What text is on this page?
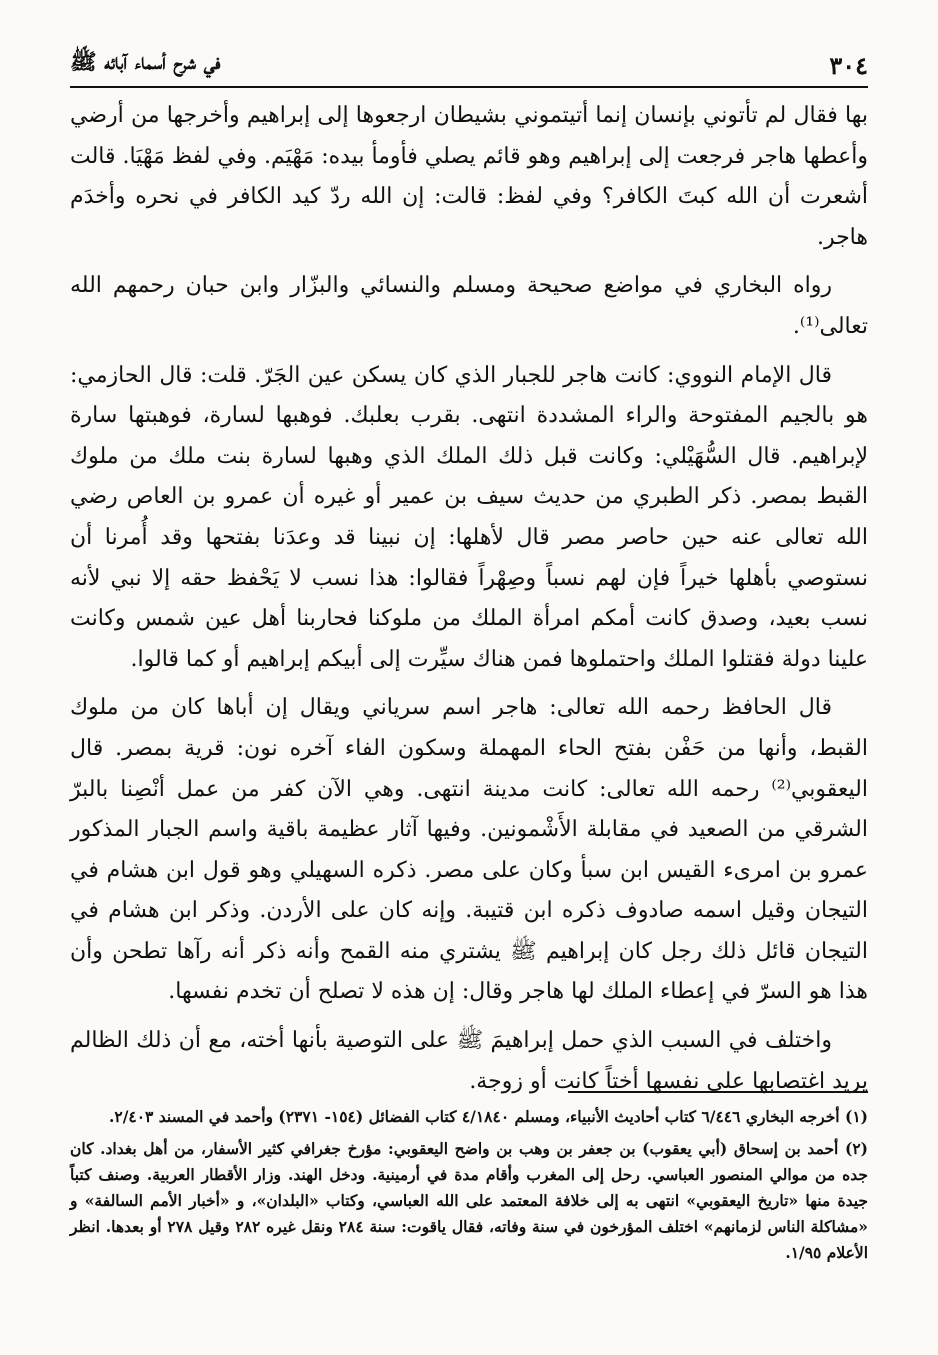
٣٠٤
في شرح أسماء آبائه ﷺ

بها فقال لم تأتوني بإنسان إنما أتيتموني بشيطان ارجعوها إلى إبراهيم وأخرجها من أرضي وأعطها هاجر فرجعت إلى إبراهيم وهو قائم يصلي فأومأ بيده: مَهْيَم. وفي لفظ مَهْيَا. قالت أشعرت أن الله كبتَ الكافر؟ وفي لفظ: قالت: إن الله ردّ كيد الكافر في نحره وأخدَم هاجر.

رواه البخاري في مواضع صحيحة ومسلم والنسائي والبزّار وابن حبان رحمهم الله تعالى⁽¹⁾.

قال الإمام النووي: كانت هاجر للجبار الذي كان يسكن عين الجَرّ. قلت: قال الحازمي: هو بالجيم المفتوحة والراء المشددة انتهى. بقرب بعلبك. فوهبها لسارة، فوهبتها سارة لإبراهيم. قال السُّهَيْلي: وكانت قبل ذلك الملك الذي وهبها لسارة بنت ملك من ملوك القبط بمصر. ذكر الطبري من حديث سيف بن عمير أو غيره أن عمرو بن العاص رضي الله تعالى عنه حين حاصر مصر قال لأهلها: إن نبينا قد وعدَنا بفتحها وقد أُمرنا أن نستوصي بأهلها خيراً فإن لهم نسباً وصِهْراً فقالوا: هذا نسب لا يَحْفظ حقه إلا نبي لأنه نسب بعيد، وصدق كانت أمكم امرأة الملك من ملوكنا فحاربنا أهل عين شمس وكانت علينا دولة فقتلوا الملك واحتملوها فمن هناك سيِّرت إلى أبيكم إبراهيم أو كما قالوا.

قال الحافظ رحمه الله تعالى: هاجر اسم سرياني ويقال إن أباها كان من ملوك القبط، وأنها من حَفْن بفتح الحاء المهملة وسكون الفاء آخره نون: قرية بمصر. قال اليعقوبي⁽²⁾ رحمه الله تعالى: كانت مدينة انتهى. وهي الآن كفر من عمل أنْصِنا بالبرّ الشرقي من الصعيد في مقابلة الأَشْمونين. وفيها آثار عظيمة باقية واسم الجبار المذكور عمرو بن امرىء القيس ابن سبأ وكان على مصر. ذكره السهيلي وهو قول ابن هشام في التيجان وقيل اسمه صادوف ذكره ابن قتيبة. وإنه كان على الأردن. وذكر ابن هشام في التيجان قائل ذلك رجل كان إبراهيم ﷺ يشتري منه القمح وأنه ذكر أنه رآها تطحن وأن هذا هو السرّ في إعطاء الملك لها هاجر وقال: إن هذه لا تصلح أن تخدم نفسها.

واختلف في السبب الذي حمل إبراهيمَ ﷺ على التوصية بأنها أخته، مع أن ذلك الظالم يريد اغتصابها على نفسها أختاً كانت أو زوجة.

(١) أخرجه البخاري ٦/٤٤٦ كتاب أحاديث الأنبياء، ومسلم ٤/١٨٤٠ كتاب الفضائل (١٥٤- ٢٣٧١) وأحمد في المسند ٢/٤٠٣.

(٢) أحمد بن إسحاق (أبي يعقوب) بن جعفر بن وهب بن واضح اليعقوبي: مؤرخ جغرافي كثير الأسفار، من أهل بغداد. كان جده من موالي المنصور العباسي. رحل إلى المغرب وأقام مدة في أرمينية. ودخل الهند. وزار الأقطار العربية. وصنف كتباً جيدة منها «تاريخ اليعقوبي» انتهى به إلى خلافة المعتمد على الله العباسي، وكتاب «البلدان»، و «أخبار الأمم السالفة» و «مشاكلة الناس لزمانهم» اختلف المؤرخون في سنة وفاته، فقال ياقوت: سنة ٢٨٤ ونقل غيره ٢٨٢ وقيل ٢٧٨ أو بعدها. انظر الأعلام ١/٩٥.
